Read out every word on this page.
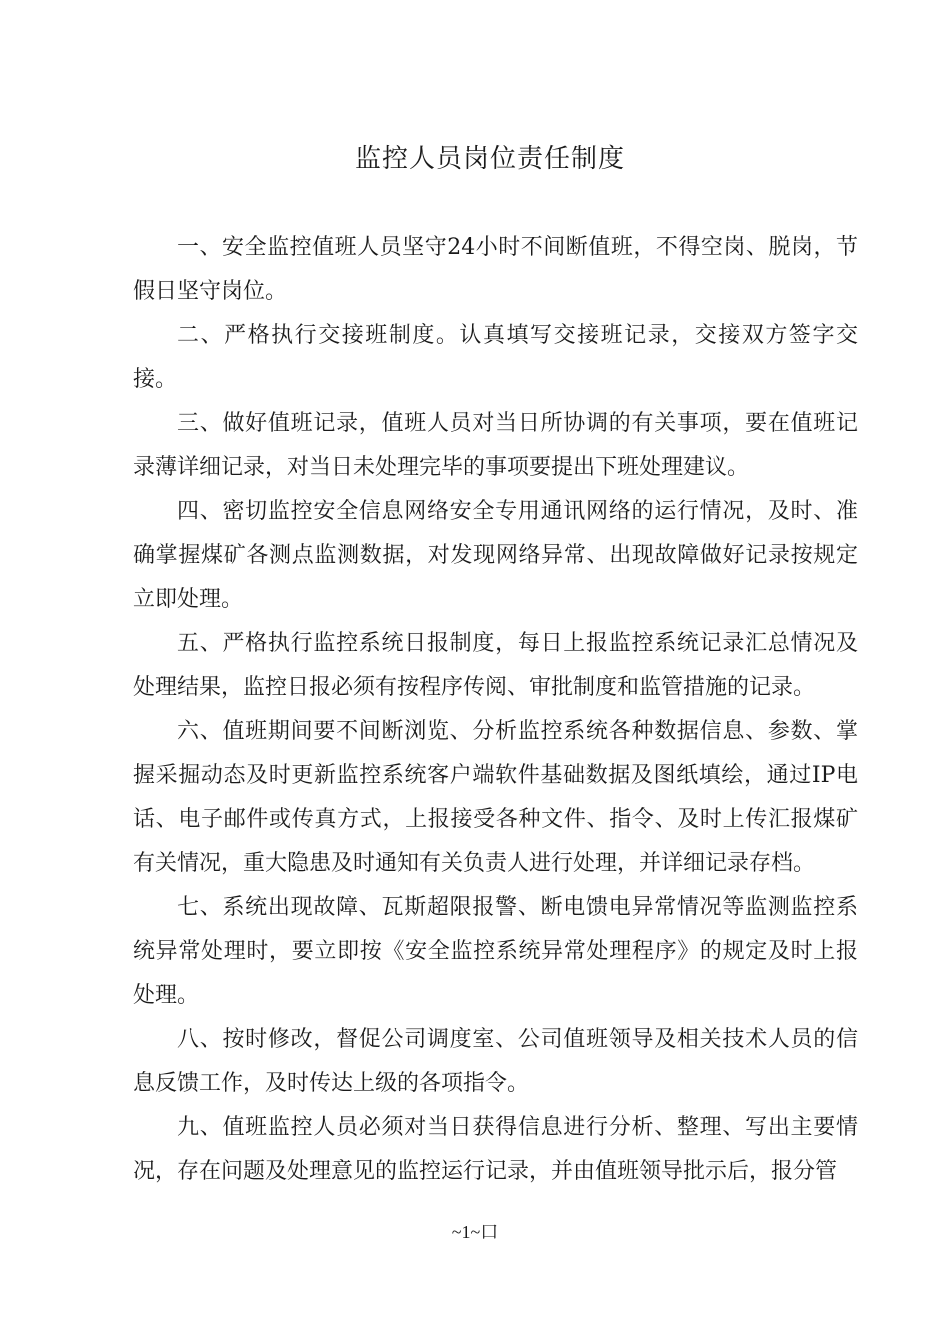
监控人员岗位责任制度

一、安全监控值班人员坚守24小时不间断值班，不得空岗、脱岗，节假日坚守岗位。

二、严格执行交接班制度。认真填写交接班记录，交接双方签字交接。

三、做好值班记录，值班人员对当日所协调的有关事项，要在值班记录薄详细记录，对当日未处理完毕的事项要提出下班处理建议。

四、密切监控安全信息网络安全专用通讯网络的运行情况，及时、准确掌握煤矿各测点监测数据，对发现网络异常、出现故障做好记录按规定立即处理。

五、严格执行监控系统日报制度，每日上报监控系统记录汇总情况及处理结果，监控日报必须有按程序传阅、审批制度和监管措施的记录。

六、值班期间要不间断浏览、分析监控系统各种数据信息、参数、掌握采掘动态及时更新监控系统客户端软件基础数据及图纸填绘，通过IP电话、电子邮件或传真方式，上报接受各种文件、指令、及时上传汇报煤矿有关情况，重大隐患及时通知有关负责人进行处理，并详细记录存档。

七、系统出现故障、瓦斯超限报警、断电馈电异常情况等监测监控系统异常处理时，要立即按《安全监控系统异常处理程序》的规定及时上报处理。

八、按时修改，督促公司调度室、公司值班领导及相关技术人员的信息反馈工作，及时传达上级的各项指令。

九、值班监控人员必须对当日获得信息进行分析、整理、写出主要情况，存在问题及处理意见的监控运行记录，并由值班领导批示后，报分管

~1~口
